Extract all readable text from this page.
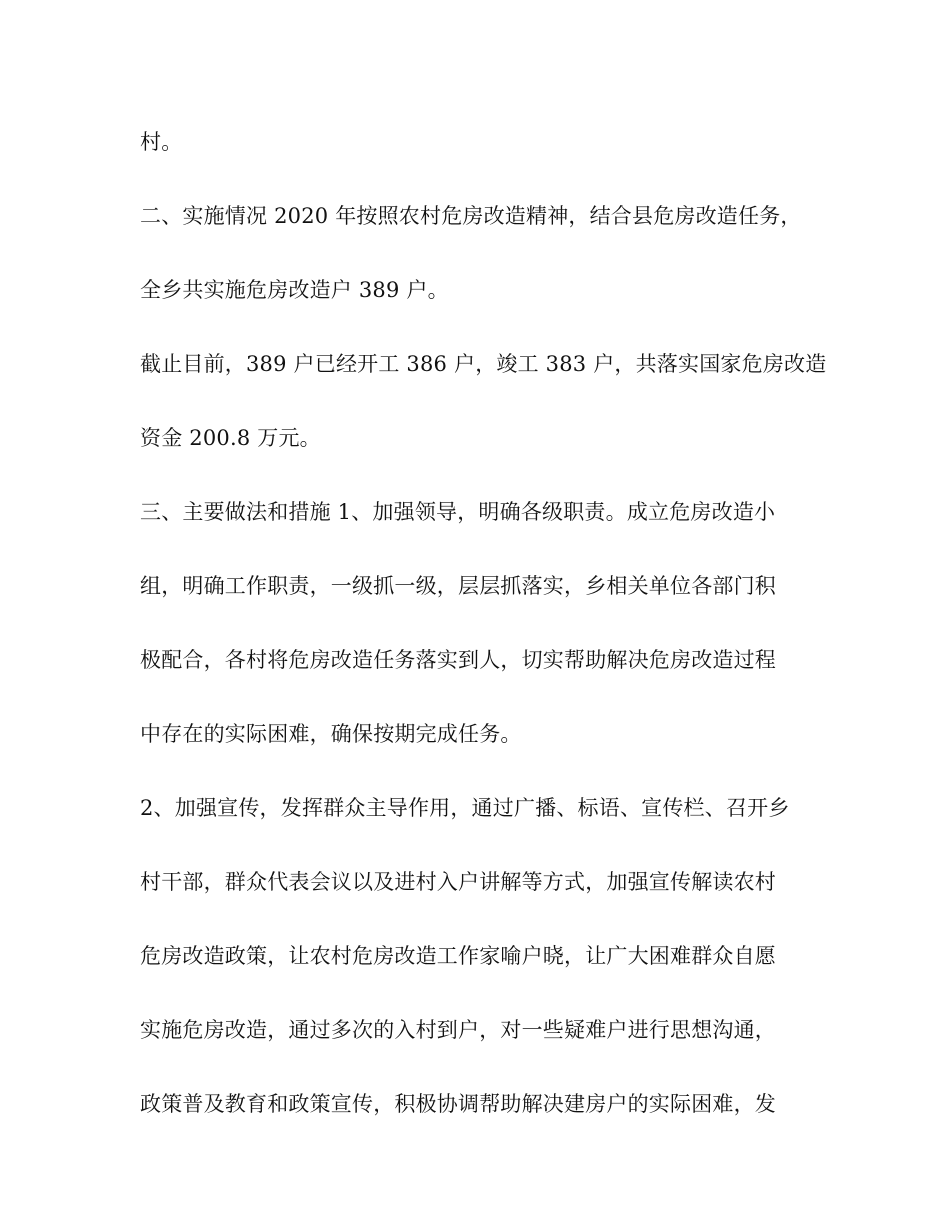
村。

二、实施情况 2020 年按照农村危房改造精神，结合县危房改造任务，

全乡共实施危房改造户 389 户。

截止目前，389 户已经开工 386 户，竣工 383 户，共落实国家危房改造

资金 200.8 万元。

三、主要做法和措施 1、加强领导，明确各级职责。成立危房改造小

组，明确工作职责，一级抓一级，层层抓落实，乡相关单位各部门积

极配合，各村将危房改造任务落实到人，切实帮助解决危房改造过程

中存在的实际困难，确保按期完成任务。

2、加强宣传，发挥群众主导作用，通过广播、标语、宣传栏、召开乡

村干部，群众代表会议以及进村入户讲解等方式，加强宣传解读农村

危房改造政策，让农村危房改造工作家喻户晓，让广大困难群众自愿

实施危房改造，通过多次的入村到户，对一些疑难户进行思想沟通，

政策普及教育和政策宣传，积极协调帮助解决建房户的实际困难，发
